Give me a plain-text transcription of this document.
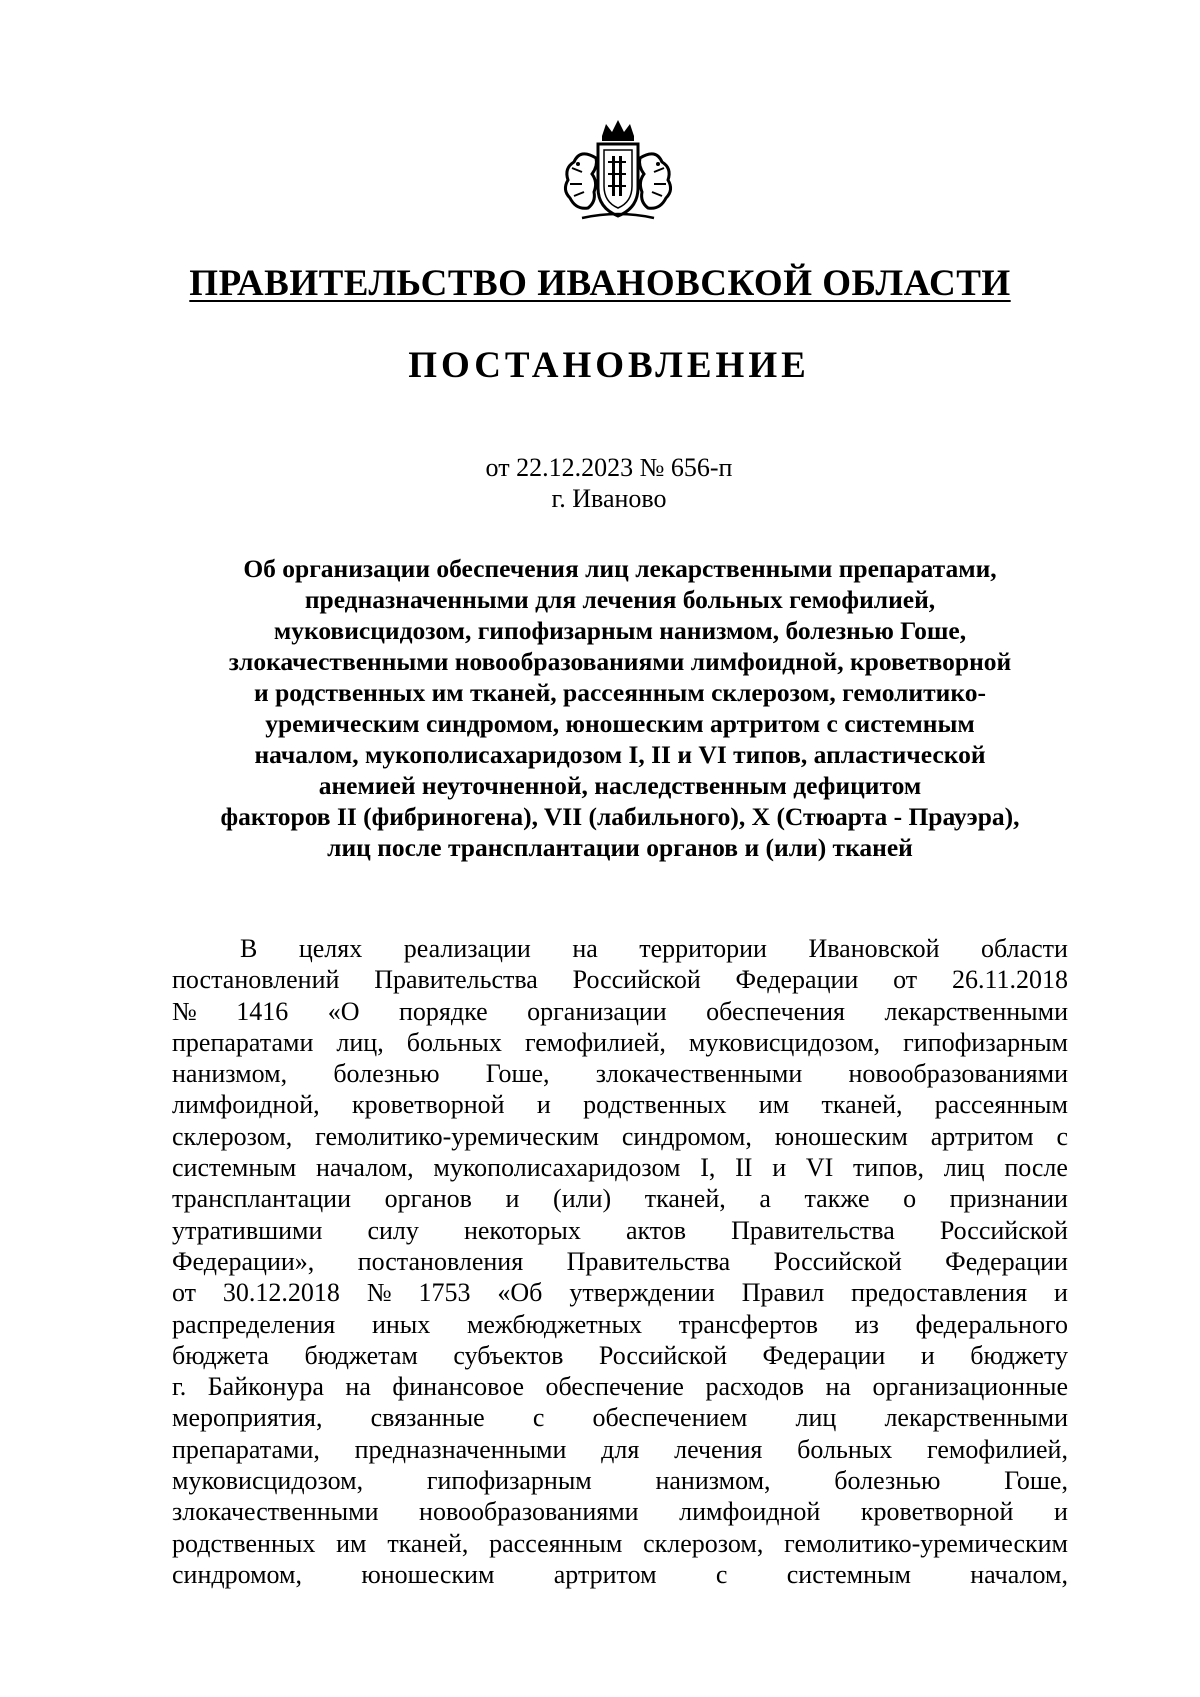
ПРАВИТЕЛЬСТВО ИВАНОВСКОЙ ОБЛАСТИ
ПОСТАНОВЛЕНИЕ
от 22.12.2023 № 656-п
г. Иваново
Об организации обеспечения лиц лекарственными препаратами,
предназначенными для лечения больных гемофилией,
муковисцидозом, гипофизарным нанизмом, болезнью Гоше,
злокачественными новообразованиями лимфоидной, кроветворной
и родственных им тканей, рассеянным склерозом, гемолитико-
уремическим синдромом, юношеским артритом с системным
началом, мукополисахаридозом I, II и VI типов, апластической
анемией неуточненной, наследственным дефицитом
факторов II (фибриногена), VII (лабильного), X (Стюарта - Прауэра),
лиц после трансплантации органов и (или) тканей
В целях реализации на территории Ивановской области
постановлений Правительства Российской Федерации от 26.11.2018
№ 1416 «О порядке организации обеспечения лекарственными
препаратами лиц, больных гемофилией, муковисцидозом, гипофизарным
нанизмом, болезнью Гоше, злокачественными новообразованиями
лимфоидной, кроветворной и родственных им тканей, рассеянным
склерозом, гемолитико-уремическим синдромом, юношеским артритом с
системным началом, мукополисахаридозом I, II и VI типов, лиц после
трансплантации органов и (или) тканей, а также о признании
утратившими силу некоторых актов Правительства Российской
Федерации», постановления Правительства Российской Федерации
от 30.12.2018 № 1753 «Об утверждении Правил предоставления и
распределения иных межбюджетных трансфертов из федерального
бюджета бюджетам субъектов Российской Федерации и бюджету
г. Байконура на финансовое обеспечение расходов на организационные
мероприятия, связанные с обеспечением лиц лекарственными
препаратами, предназначенными для лечения больных гемофилией,
муковисцидозом, гипофизарным нанизмом, болезнью Гоше,
злокачественными новообразованиями лимфоидной кроветворной и
родственных им тканей, рассеянным склерозом, гемолитико-уремическим
синдромом, юношеским артритом с системным началом,
